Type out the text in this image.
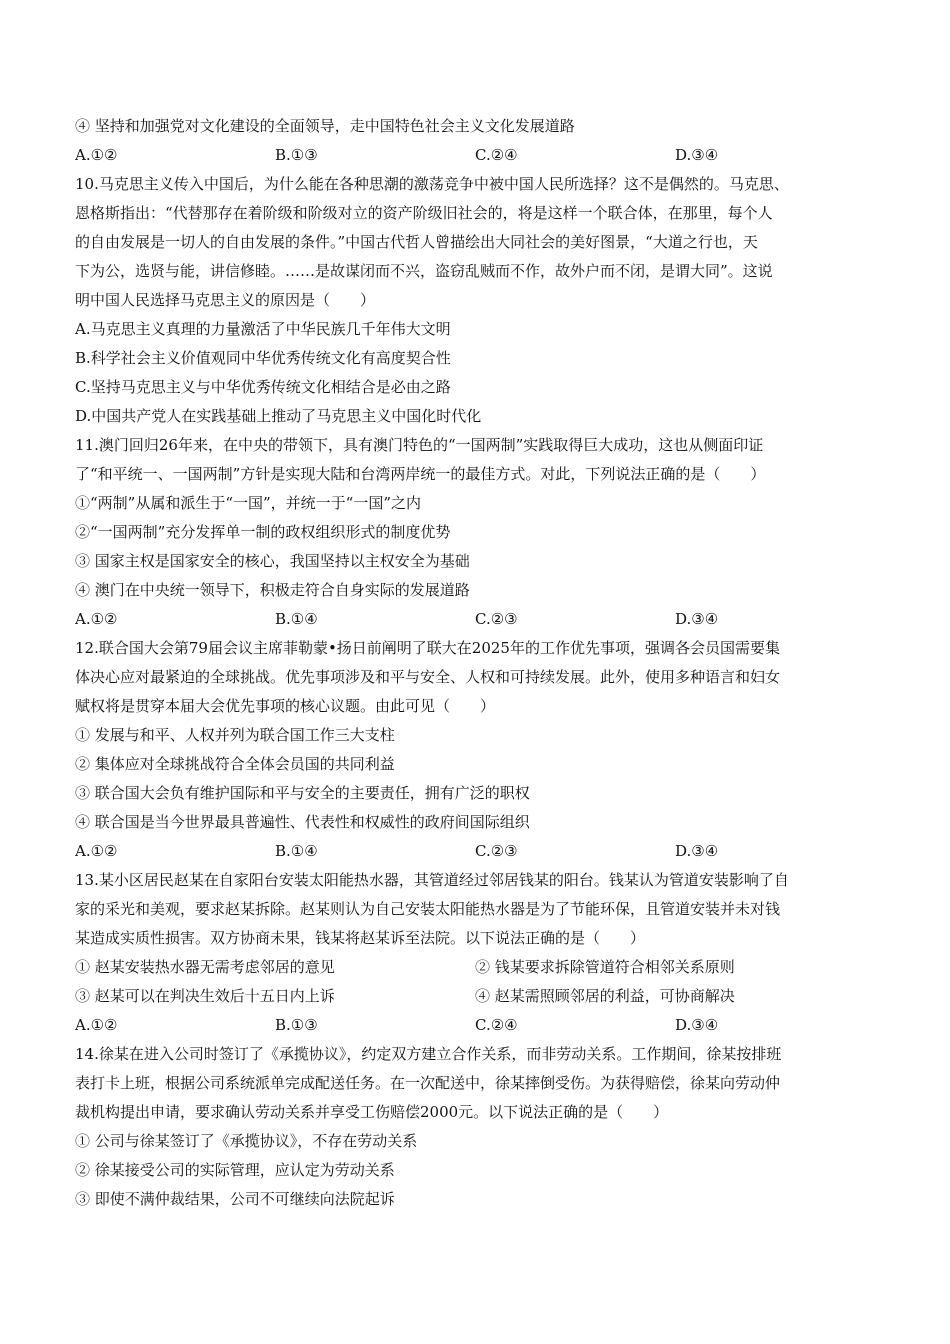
④ 坚持和加强党对文化建设的全面领导，走中国特色社会主义文化发展道路
A.①②	B.①③	C.②④	D.③④
10.马克思主义传入中国后，为什么能在各种思潮的激荡竞争中被中国人民所选择？这不是偶然的。马克思、
恩格斯指出：“代替那存在着阶级和阶级对立的资产阶级旧社会的，将是这样一个联合体，在那里，每个人
的自由发展是一切人的自由发展的条件。”中国古代哲人曾描绘出大同社会的美好图景，“大道之行也，天
下为公，选贤与能，讲信修睦。……是故谋闭而不兴，盗窃乱贼而不作，故外户而不闭，是谓大同”。这说
明中国人民选择马克思主义的原因是（　　）
A.马克思主义真理的力量激活了中华民族几千年伟大文明
B.科学社会主义价值观同中华优秀传统文化有高度契合性
C.坚持马克思主义与中华优秀传统文化相结合是必由之路
D.中国共产党人在实践基础上推动了马克思主义中国化时代化
11.澳门回归26年来，在中央的带领下，具有澳门特色的“一国两制”实践取得巨大成功，这也从侧面印证
了“和平统一、一国两制”方针是实现大陆和台湾两岸统一的最佳方式。对此，下列说法正确的是（　　）
①“两制”从属和派生于“一国”，并统一于“一国”之内
②“一国两制”充分发挥单一制的政权组织形式的制度优势
③ 国家主权是国家安全的核心，我国坚持以主权安全为基础
④ 澳门在中央统一领导下，积极走符合自身实际的发展道路
A.①②	B.①④	C.②③	D.③④
12.联合国大会第79届会议主席菲勒蒙•扬日前阐明了联大在2025年的工作优先事项，强调各会员国需要集
体决心应对最紧迫的全球挑战。优先事项涉及和平与安全、人权和可持续发展。此外，使用多种语言和妇女
赋权将是贯穿本届大会优先事项的核心议题。由此可见（　　）
① 发展与和平、人权并列为联合国工作三大支柱
② 集体应对全球挑战符合全体会员国的共同利益
③ 联合国大会负有维护国际和平与安全的主要责任，拥有广泛的职权
④ 联合国是当今世界最具普遍性、代表性和权威性的政府间国际组织
A.①②	B.①④	C.②③	D.③④
13.某小区居民赵某在自家阳台安装太阳能热水器，其管道经过邻居钱某的阳台。钱某认为管道安装影响了自
家的采光和美观，要求赵某拆除。赵某则认为自己安装太阳能热水器是为了节能环保，且管道安装并未对钱
某造成实质性损害。双方协商未果，钱某将赵某诉至法院。以下说法正确的是（　　）
① 赵某安装热水器无需考虑邻居的意见	② 钱某要求拆除管道符合相邻关系原则
③ 赵某可以在判决生效后十五日内上诉	④ 赵某需照顾邻居的利益，可协商解决
A.①②	B.①③	C.②④	D.③④
14.徐某在进入公司时签订了《承揽协议》，约定双方建立合作关系，而非劳动关系。工作期间，徐某按排班
表打卡上班，根据公司系统派单完成配送任务。在一次配送中，徐某摔倒受伤。为获得赔偿，徐某向劳动仲
裁机构提出申请，要求确认劳动关系并享受工伤赔偿2000元。以下说法正确的是（　　）
① 公司与徐某签订了《承揽协议》，不存在劳动关系
② 徐某接受公司的实际管理，应认定为劳动关系
③ 即使不满仲裁结果，公司不可继续向法院起诉
